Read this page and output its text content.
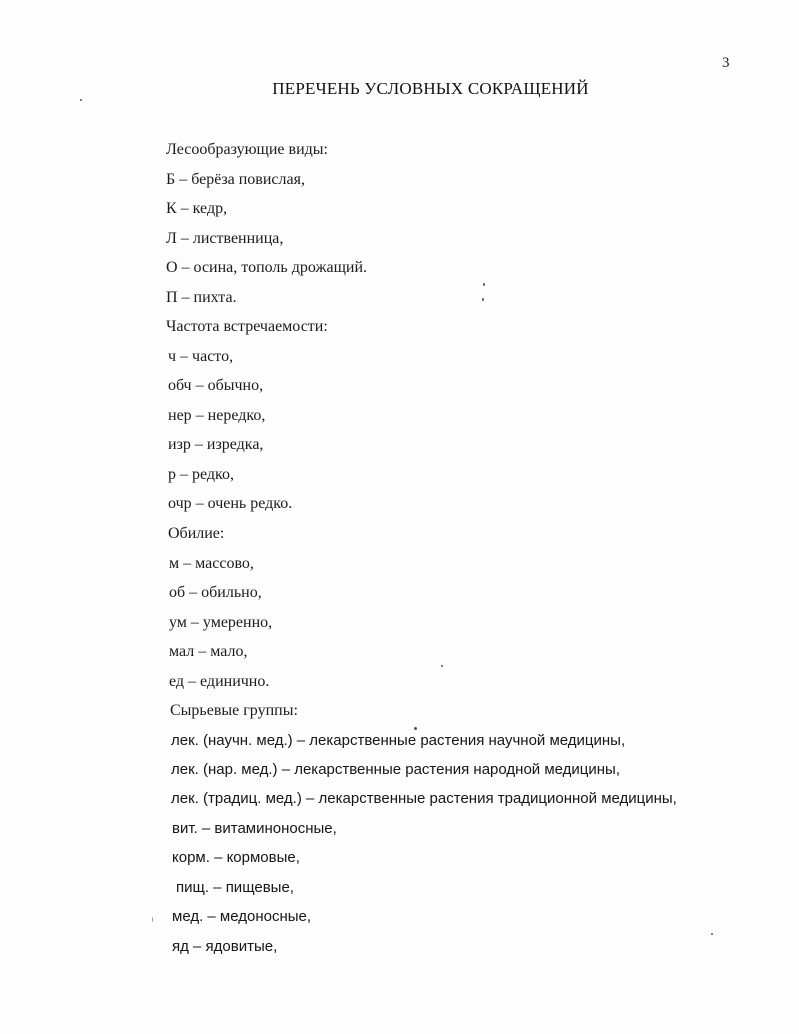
3
ПЕРЕЧЕНЬ УСЛОВНЫХ СОКРАЩЕНИЙ
Лесообразующие виды:
Б – берёза повислая,
К – кедр,
Л – лиственница,
О – осина, тополь дрожащий.
П – пихта.
Частота встречаемости:
ч – часто,
обч – обычно,
нер – нередко,
изр – изредка,
р – редко,
очр – очень редко.
Обилие:
м – массово,
об – обильно,
ум – умеренно,
мал – мало,
ед – единично.
Сырьевые группы:
лек. (научн. мед.) – лекарственные растения научной медицины,
лек. (нар. мед.) – лекарственные растения народной медицины,
лек. (традиц. мед.) – лекарственные растения традиционной медицины,
вит. – витаминоносные,
корм. – кормовые,
пищ. – пищевые,
мед. – медоносные,
яд – ядовитые,
